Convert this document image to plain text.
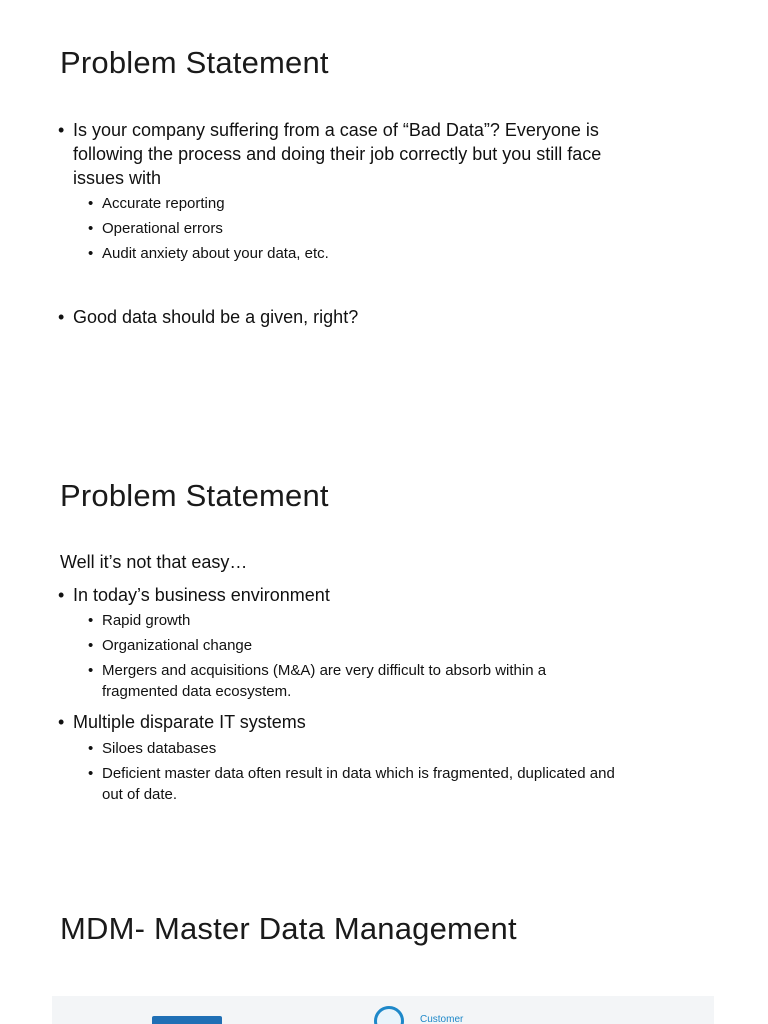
Problem Statement
• Is your company suffering from a case of “Bad Data”? Everyone is
following the process and doing their job correctly but you still face
issues with
• Accurate reporting
• Operational errors
• Audit anxiety about your data, etc.
• Good data should be a given, right?
Problem Statement

Well it’s not that easy…

• In today’s business environment
• Rapid growth
• Organizational change
• Mergers and acquisitions (M&A) are very difficult to absorb within a
fragmented data ecosystem.
• Multiple disparate IT systems
• Siloes databases
• Deficient master data often result in data which is fragmented, duplicated and
out of date.
MDM- Master Data Management
Customer
